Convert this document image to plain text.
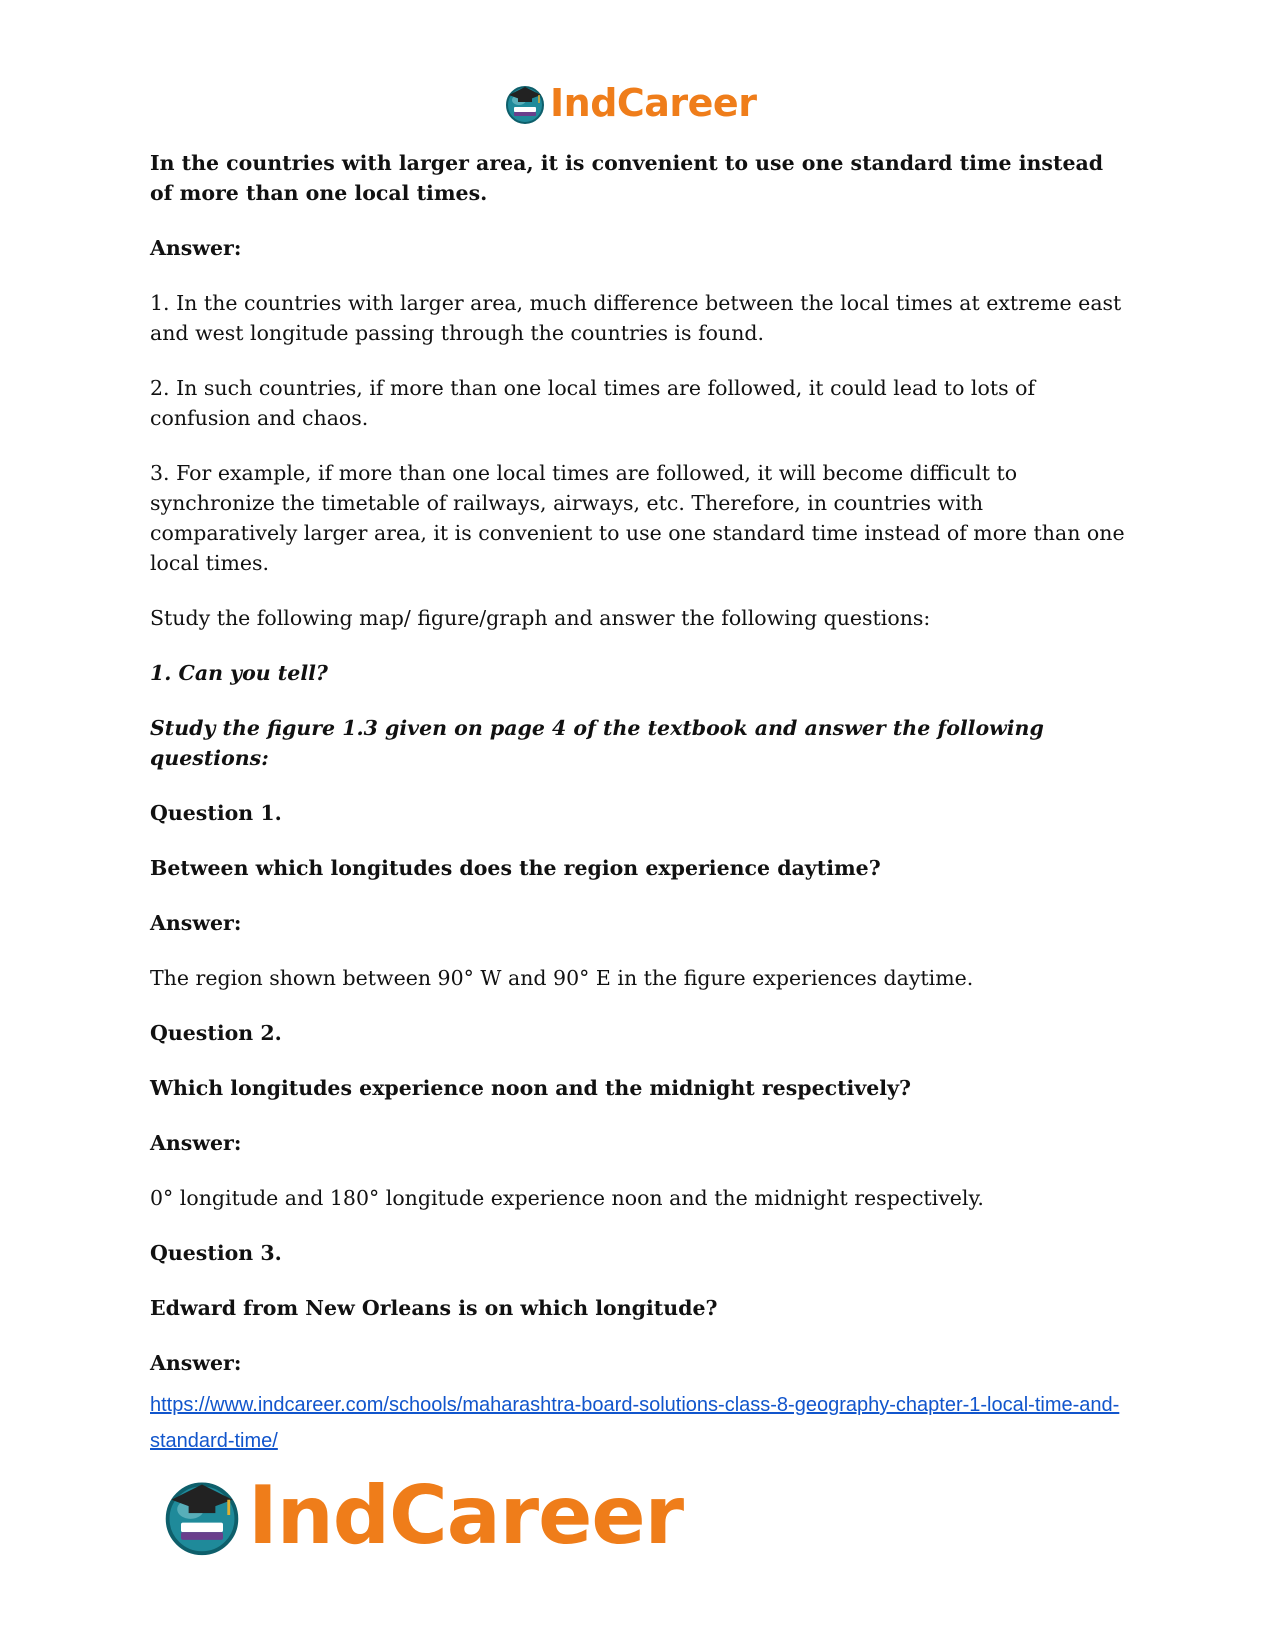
IndCareer

In the countries with larger area, it is convenient to use one standard time instead of more than one local times.

Answer:

1. In the countries with larger area, much difference between the local times at extreme east and west longitude passing through the countries is found.

2. In such countries, if more than one local times are followed, it could lead to lots of confusion and chaos.

3. For example, if more than one local times are followed, it will become difficult to synchronize the timetable of railways, airways, etc. Therefore, in countries with comparatively larger area, it is convenient to use one standard time instead of more than one local times.

Study the following map/ figure/graph and answer the following questions:

1. Can you tell?

Study the figure 1.3 given on page 4 of the textbook and answer the following questions:

Question 1.

Between which longitudes does the region experience daytime?

Answer:

The region shown between 90° W and 90° E in the figure experiences daytime.

Question 2.

Which longitudes experience noon and the midnight respectively?

Answer:

0° longitude and 180° longitude experience noon and the midnight respectively.

Question 3.

Edward from New Orleans is on which longitude?

Answer:

https://www.indcareer.com/schools/maharashtra-board-solutions-class-8-geography-chapter-1-local-time-and-standard-time/
IndCareer
